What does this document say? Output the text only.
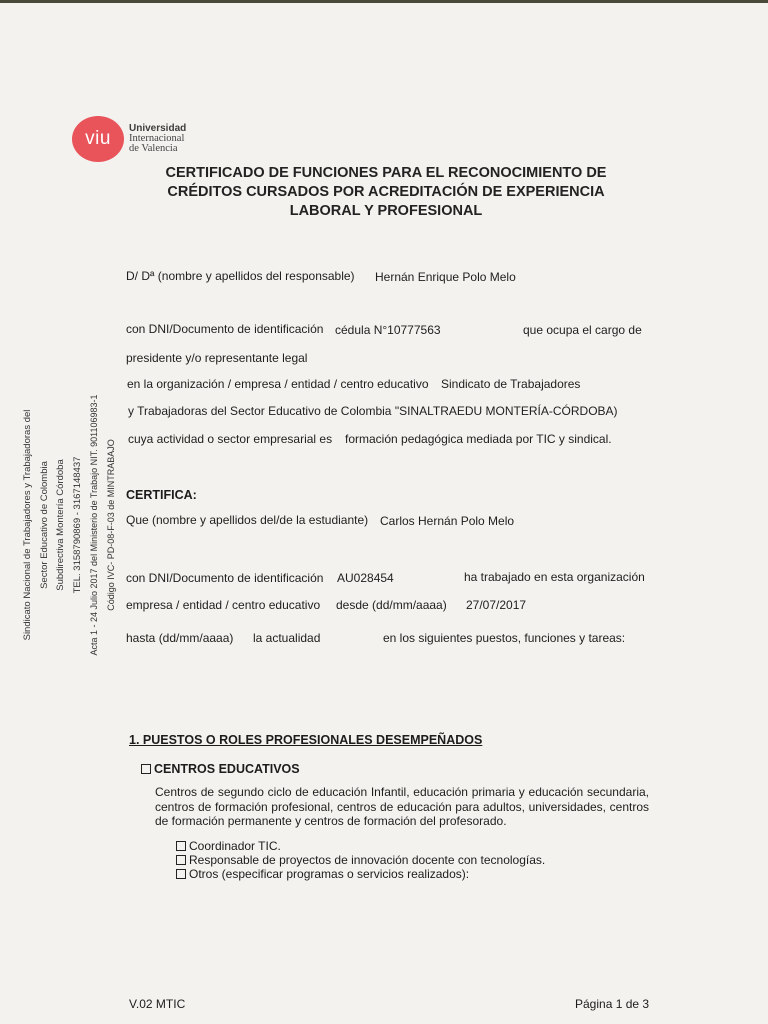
viu Universidad
Internacional
de Valencia
CERTIFICADO DE FUNCIONES PARA EL RECONOCIMIENTO DE
CRÉDITOS CURSADOS POR ACREDITACIÓN DE EXPERIENCIA
LABORAL Y PROFESIONAL
D/ Dª (nombre y apellidos del responsable) Hernán Enrique Polo Melo
con DNI/Documento de identificación cédula N°10777563	que ocupa el cargo de
presidente y/o representante legal
en la organización / empresa / entidad / centro educativo Sindicato de Trabajadores
y Trabajadoras del Sector Educativo de Colombia "SINALTRAEDU MONTERÍA-CÓRDOBA)
cuya actividad o sector empresarial es formación pedagógica mediada por TIC y sindical.
CERTIFICA:
Que (nombre y apellidos del/de la estudiante) Carlos Hernán Polo Melo
con DNI/Documento de identificación AU028454	ha trabajado en esta organización
empresa / entidad / centro educativo desde (dd/mm/aaaa) 27/07/2017
hasta (dd/mm/aaaa) la actualidad	en los siguientes puestos, funciones y tareas:
Sindicato Nacional de Trabajadores y Trabajadoras del Sector Educativo de Colombia Subdirectiva Montería Córdoba TEL. 3158790869 - 3167148437 Acta 1 - 24 Julio 2017 del Ministerio de Trabajo NIT. 901106983-1 Código IVC- PD-08-F-03 de MINTRABAJO
1. PUESTOS O ROLES PROFESIONALES DESEMPEÑADOS
CENTROS EDUCATIVOS
Centros de segundo ciclo de educación Infantil, educación primaria y educación secundaria, centros de formación profesional, centros de educación para adultos, universidades, centros de formación permanente y centros de formación del profesorado.
Coordinador TIC.
Responsable de proyectos de innovación docente con tecnologías.
Otros (especificar programas o servicios realizados):
V.02 MTIC	Página 1 de 3
